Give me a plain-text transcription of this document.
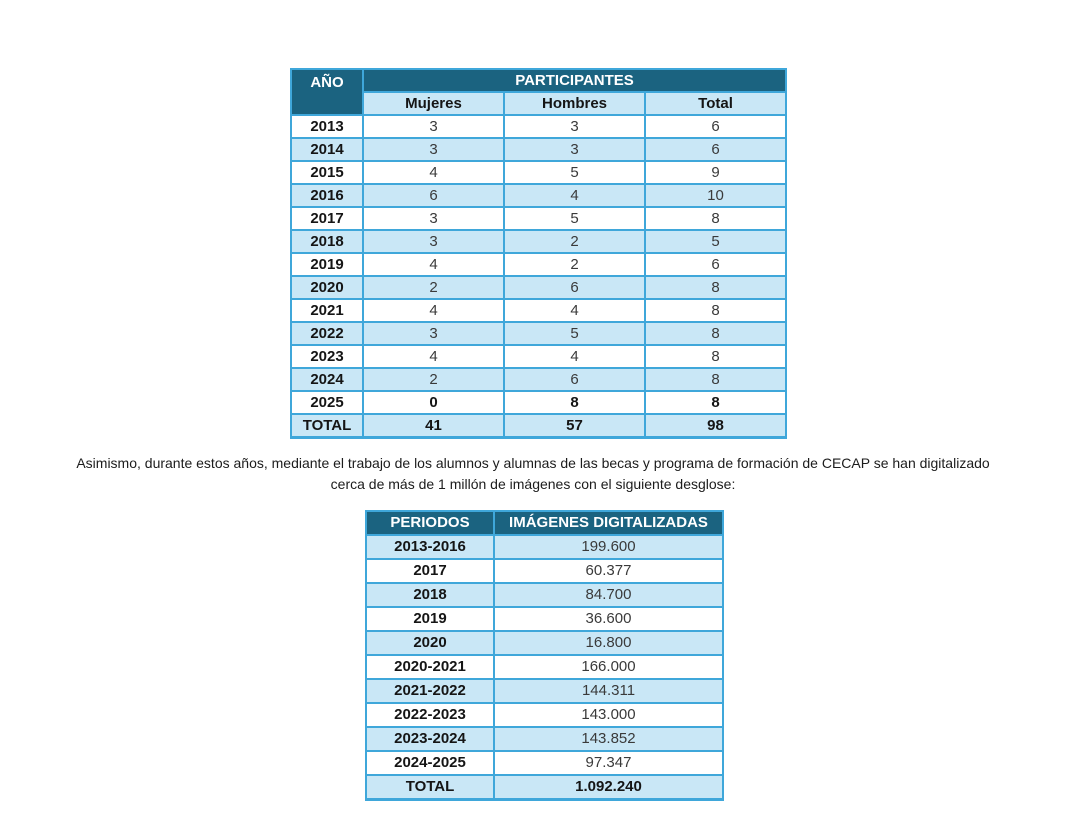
AÑO	PARTICIPANTES		
	Mujeres	Hombres	Total
2013	3	3	6
2014	3	3	6
2015	4	5	9
2016	6	4	10
2017	3	5	8
2018	3	2	5
2019	4	2	6
2020	2	6	8
2021	4	4	8
2022	3	5	8
2023	4	4	8
2024	2	6	8
2025	0	8	8
TOTAL	41	57	98

Asimismo, durante estos años, mediante el trabajo de los alumnos y alumnas de las becas y programa de formación de CECAP se han digitalizado cerca de más de 1 millón de imágenes con el siguiente desglose:

PERIODOS	IMÁGENES DIGITALIZADAS
2013-2016	199.600
2017	60.377
2018	84.700
2019	36.600
2020	16.800
2020-2021	166.000
2021-2022	144.311
2022-2023	143.000
2023-2024	143.852
2024-2025	97.347
TOTAL	1.092.240
